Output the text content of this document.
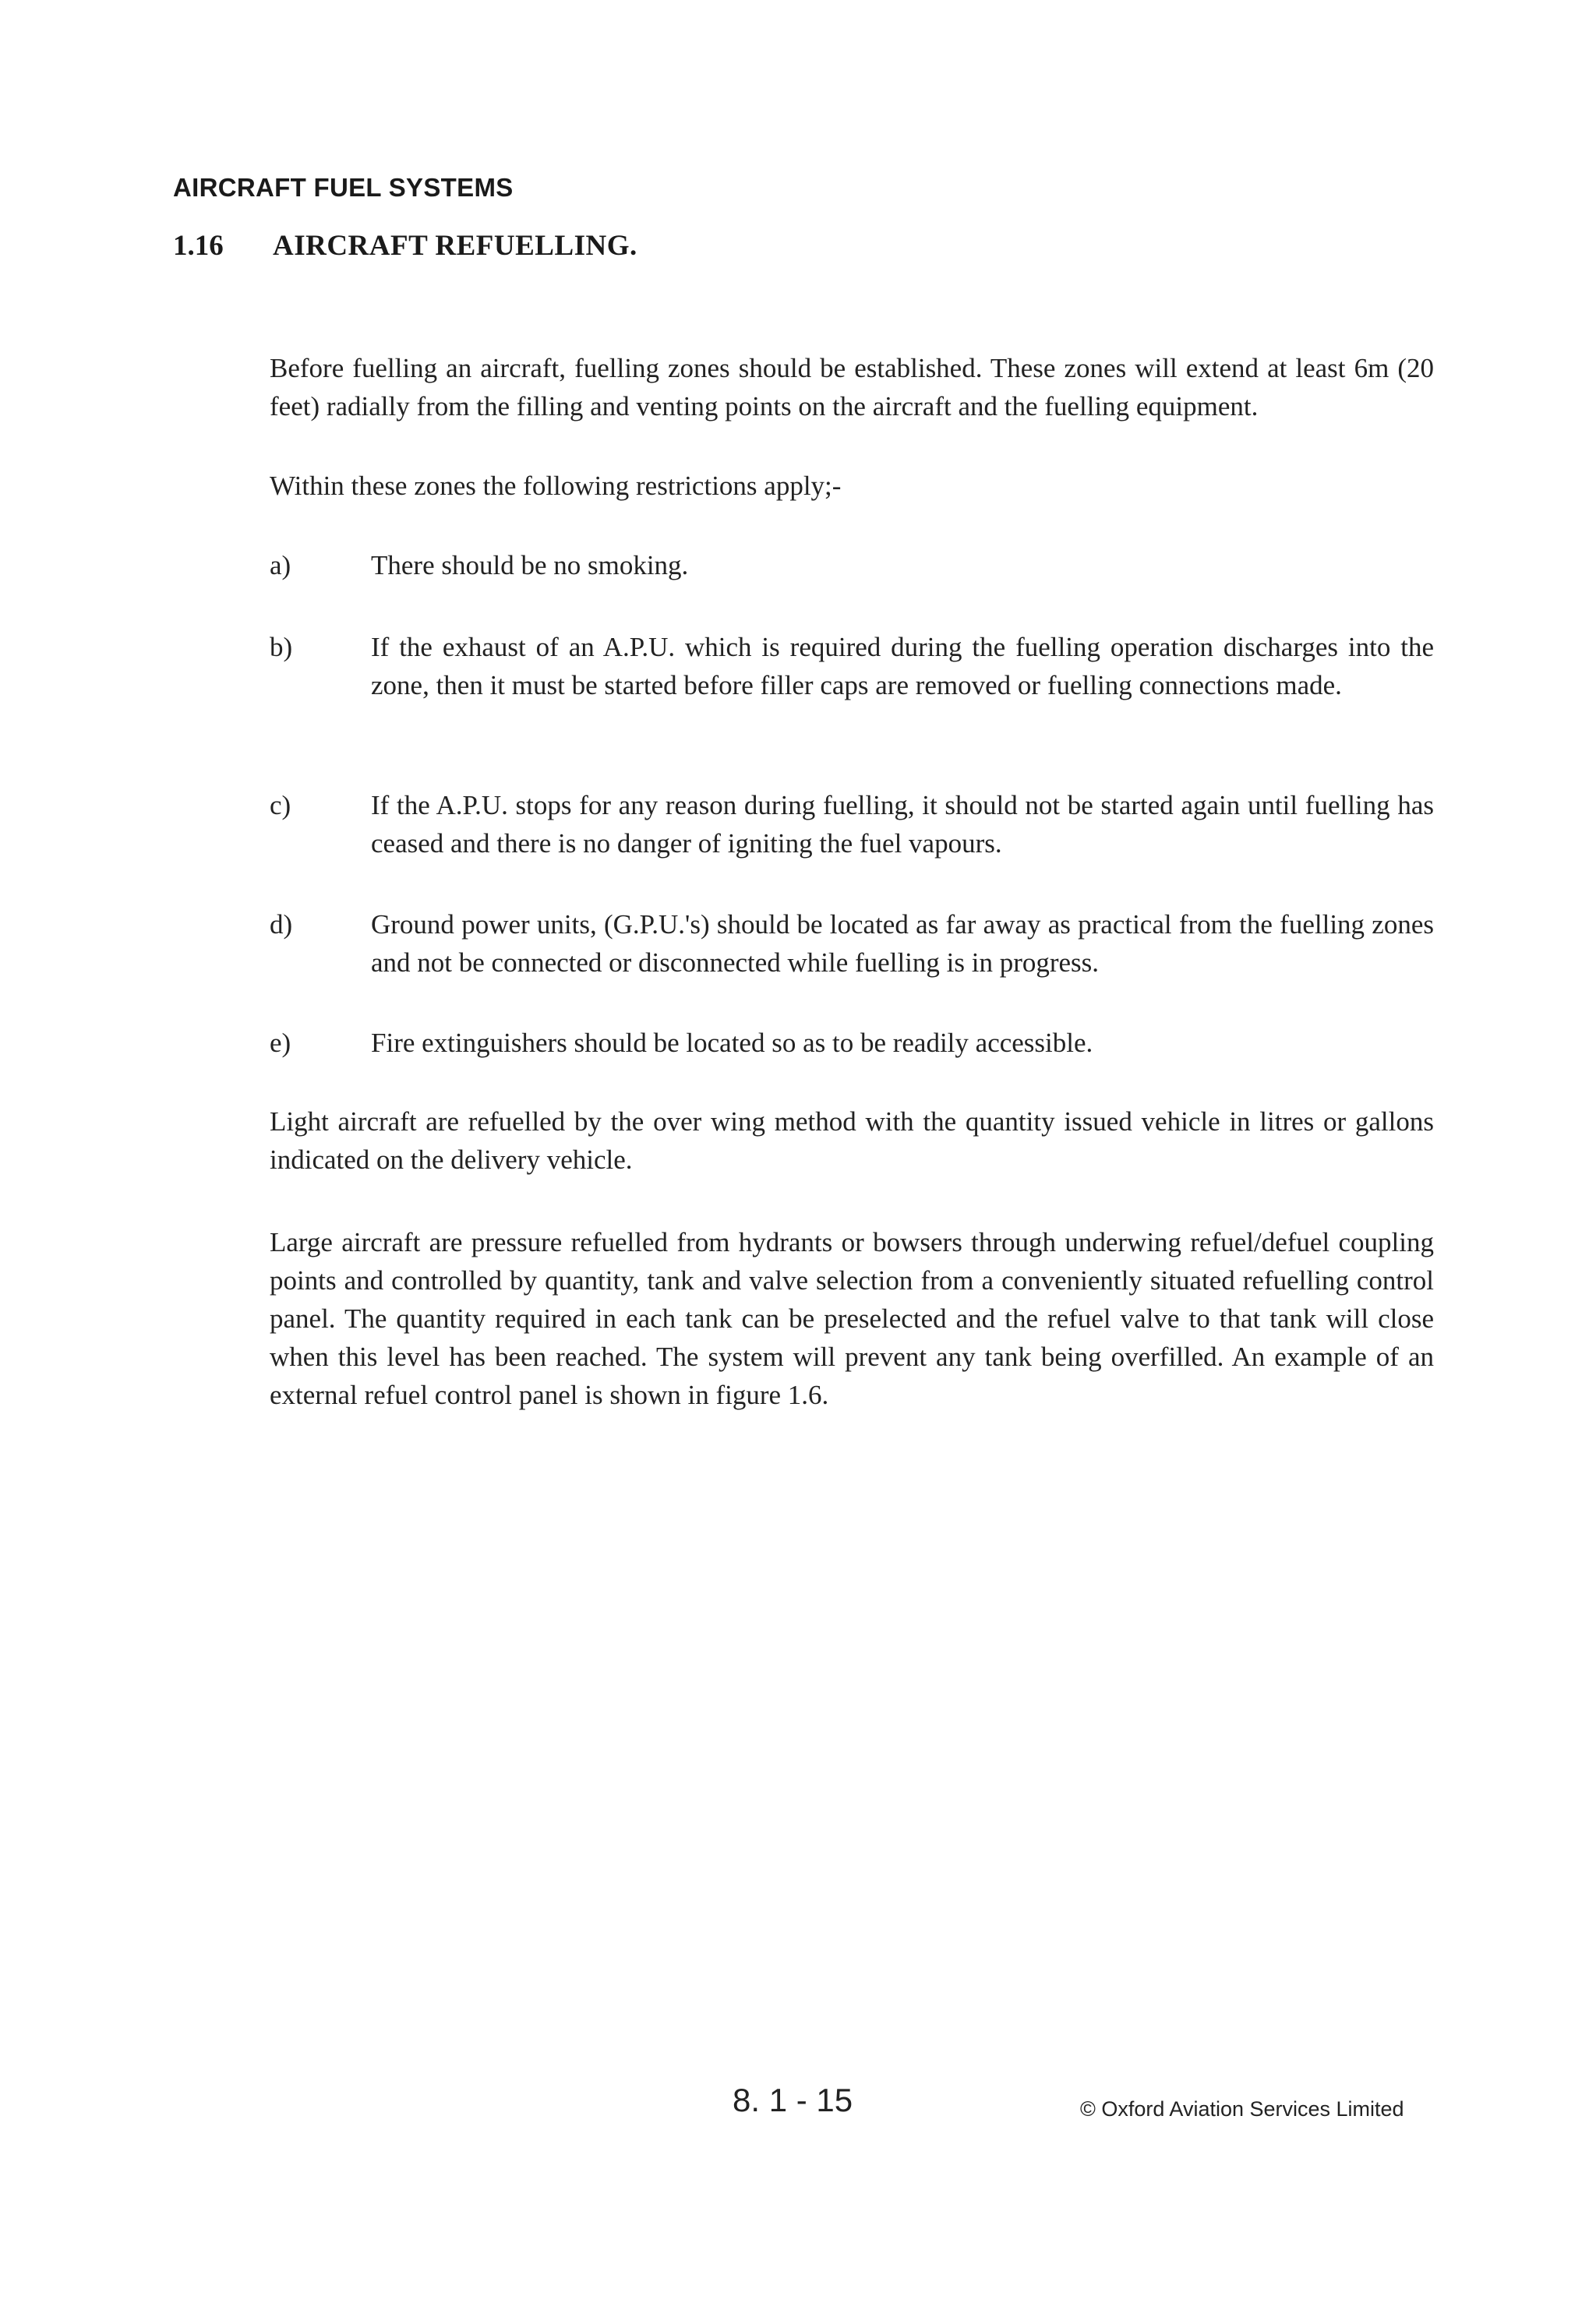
AIRCRAFT FUEL SYSTEMS
1.16 AIRCRAFT REFUELLING.

Before fuelling an aircraft, fuelling zones should be established. These zones will extend at least 6m (20 feet) radially from the filling and venting points on the aircraft and the fuelling equipment.

Within these zones the following restrictions apply;-

a)	There should be no smoking.
b)	If the exhaust of an A.P.U. which is required during the fuelling operation discharges into the zone, then it must be started before filler caps are removed or fuelling connections made.
c)	If the A.P.U. stops for any reason during fuelling, it should not be started again until fuelling has ceased and there is no danger of igniting the fuel vapours.
d)	Ground power units, (G.P.U.'s) should be located as far away as practical from the fuelling zones and not be connected or disconnected while fuelling is in progress.
e)	Fire extinguishers should be located so as to be readily accessible.

Light aircraft are refuelled by the over wing method with the quantity issued vehicle in litres or gallons indicated on the delivery vehicle.

Large aircraft are pressure refuelled from hydrants or bowsers through underwing refuel/defuel coupling points and controlled by quantity, tank and valve selection from a conveniently situated refuelling control panel. The quantity required in each tank can be preselected and the refuel valve to that tank will close when this level has been reached. The system will prevent any tank being overfilled. An example of an external refuel control panel is shown in figure 1.6.

8. 1 - 15	© Oxford Aviation Services Limited
